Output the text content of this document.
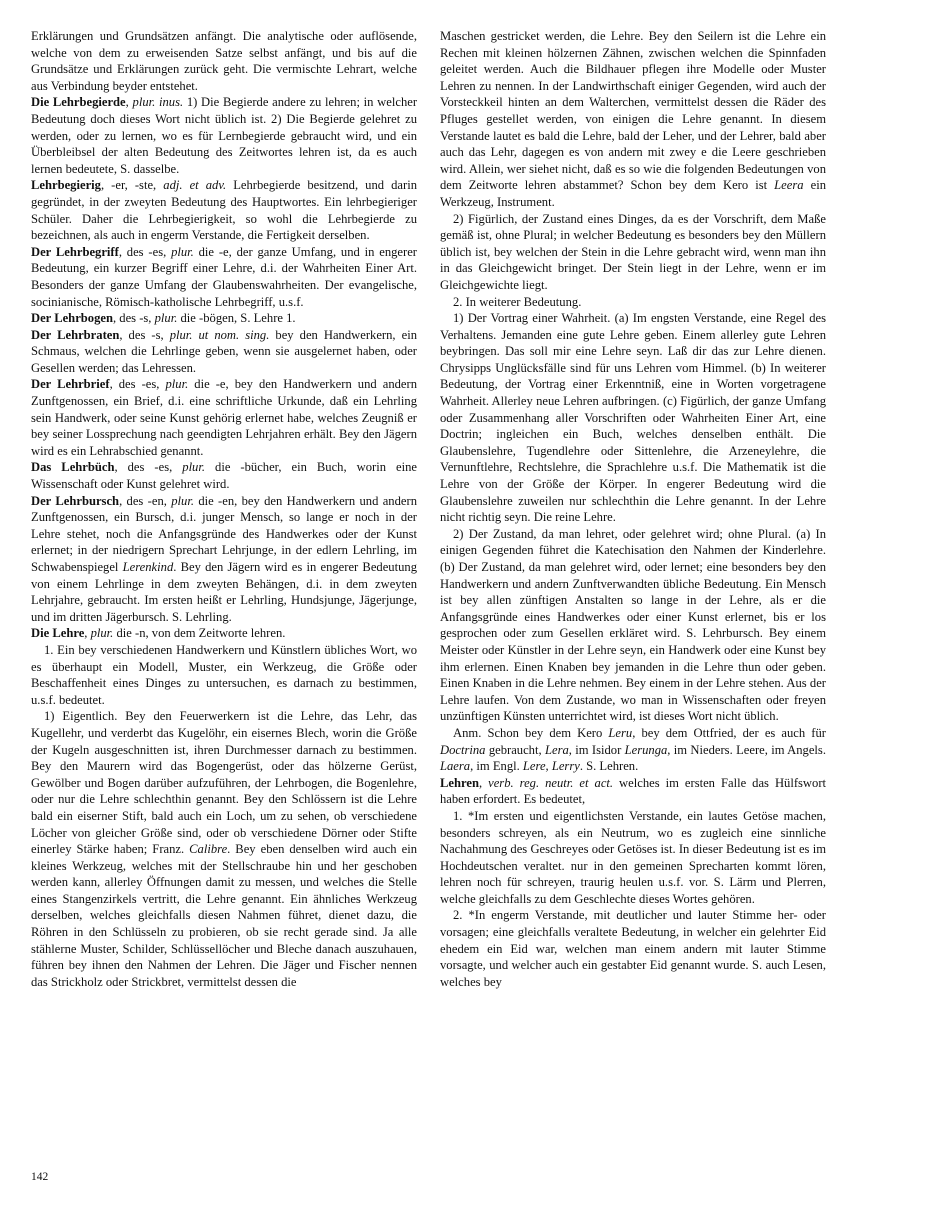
Erklärungen und Grundsätzen anfängt. Die analytische oder auflösende, welche von dem zu erweisenden Satze selbst anfängt, und bis auf die Grundsätze und Erklärungen zurück geht. Die vermischte Lehrart, welche aus Verbindung beyder entstehet.

Die Lehrbegierde, plur. inus. 1) Die Begierde andere zu lehren; in welcher Bedeutung doch dieses Wort nicht üblich ist. 2) Die Begierde gelehret zu werden, oder zu lernen, wo es für Lernbegierde gebraucht wird, und ein Überbleibsel der alten Bedeutung des Zeitwortes lehren ist, da es auch lernen bedeutete, S. dasselbe.

Lehrbegierig, -er, -ste, adj. et adv. Lehrbegierde besitzend, und darin gegründet, in der zweyten Bedeutung des Hauptwortes. Ein lehrbegieriger Schüler. Daher die Lehrbegierigkeit, so wohl die Lehrbegierde zu bezeichnen, als auch in engerm Verstande, die Fertigkeit derselben.

Der Lehrbegriff, des -es, plur. die -e, der ganze Umfang, und in engerer Bedeutung, ein kurzer Begriff einer Lehre, d.i. der Wahrheiten Einer Art. Besonders der ganze Umfang der Glaubenswahrheiten. Der evangelische, socinianische, Römisch-katholische Lehrbegriff, u.s.f.

Der Lehrbogen, des -s, plur. die -bögen, S. Lehre 1.

Der Lehrbraten, des -s, plur. ut nom. sing. bey den Handwerkern, ein Schmaus, welchen die Lehrlinge geben, wenn sie ausgelernet haben, oder Gesellen werden; das Lehressen.

Der Lehrbrief, des -es, plur. die -e, bey den Handwerkern und andern Zunftgenossen, ein Brief, d.i. eine schriftliche Urkunde, daß ein Lehrling sein Handwerk, oder seine Kunst gehörig erlernet habe, welches Zeugniß er bey seiner Lossprechung nach geendigten Lehrjahren erhält. Bey den Jägern wird es ein Lehrabschied genannt.

Das Lehrbüch, des -es, plur. die -bücher, ein Buch, worin eine Wissenschaft oder Kunst gelehret wird.

Der Lehrbursch, des -en, plur. die -en, bey den Handwerkern und andern Zunftgenossen, ein Bursch, d.i. junger Mensch, so lange er noch in der Lehre stehet, noch die Anfangsgründe des Handwerkes oder der Kunst erlernet; in der niedrigern Sprechart Lehrjunge, in der edlern Lehrling, im Schwabenspiegel Lerenkind. Bey den Jägern wird es in engerer Bedeutung von einem Lehrlinge in dem zweyten Behängen, d.i. in dem zweyten Lehrjahre, gebraucht. Im ersten heißt er Lehrling, Hundsjunge, Jägerjunge, und im dritten Jägerbursch. S. Lehrling.

Die Lehre, plur. die -n, von dem Zeitworte lehren.

1. Ein bey verschiedenen Handwerkern und Künstlern übliches Wort, wo es überhaupt ein Modell, Muster, ein Werkzeug, die Größe oder Beschaffenheit eines Dinges zu untersuchen, es darnach zu bestimmen, u.s.f. bedeutet.

1) Eigentlich. Bey den Feuerwerkern ist die Lehre, das Lehr, das Kugellehr, und verderbt das Kugelöhr, ein eisernes Blech, worin die Größe der Kugeln ausgeschnitten ist, ihren Durchmesser darnach zu bestimmen. Bey den Maurern wird das Bogengerüst, oder das hölzerne Gerüst, Gewölber und Bogen darüber aufzuführen, der Lehrbogen, die Bogenlehre, oder nur die Lehre schlechthin genannt. Bey den Schlössern ist die Lehre bald ein eiserner Stift, bald auch ein Loch, um zu sehen, ob verschiedene Löcher von gleicher Größe sind, oder ob verschiedene Dörner oder Stifte einerley Stärke haben; Franz. Calibre. Bey eben denselben wird auch ein kleines Werkzeug, welches mit der Stellschraube hin und her geschoben werden kann, allerley Öffnungen damit zu messen, und welches die Stelle eines Stangenzirkels vertritt, die Lehre genannt. Ein ähnliches Werkzeug derselben, welches gleichfalls diesen Nahmen führet, dienet dazu, die Röhren in den Schlüsseln zu probieren, ob sie recht gerade sind. Ja alle stählerne Muster, Schilder, Schlüssellöcher und Bleche danach auszuhauen, führen bey ihnen den Nahmen der Lehren. Die Jäger und Fischer nennen das Strickholz oder Strickbret, vermittelst dessen die

Maschen gestricket werden, die Lehre. Bey den Seilern ist die Lehre ein Rechen mit kleinen hölzernen Zähnen, zwischen welchen die Spinnfaden geleitet werden. Auch die Bildhauer pflegen ihre Modelle oder Muster Lehren zu nennen. In der Landwirthschaft einiger Gegenden, wird auch der Vorsteckkeil hinten an dem Walterchen, vermittelst dessen die Räder des Pfluges gestellet werden, von einigen die Lehre genannt. In diesem Verstande lautet es bald die Lehre, bald der Leher, und der Lehrer, bald aber auch das Lehr, dagegen es von andern mit zwey e die Leere geschrieben wird. Allein, wer siehet nicht, daß es so wie die folgenden Bedeutungen von dem Zeitworte lehren abstammet? Schon bey dem Kero ist Leera ein Werkzeug, Instrument.

2) Figürlich, der Zustand eines Dinges, da es der Vorschrift, dem Maße gemäß ist, ohne Plural; in welcher Bedeutung es besonders bey den Müllern üblich ist, bey welchen der Stein in die Lehre gebracht wird, wenn man ihn in das Gleichgewicht bringet. Der Stein liegt in der Lehre, wenn er im Gleichgewichte liegt.

2. In weiterer Bedeutung.

1) Der Vortrag einer Wahrheit. (a) Im engsten Verstande, eine Regel des Verhaltens. Jemanden eine gute Lehre geben. Einem allerley gute Lehren beybringen. Das soll mir eine Lehre seyn. Laß dir das zur Lehre dienen. Chrysipps Unglücksfälle sind für uns Lehren vom Himmel. (b) In weiterer Bedeutung, der Vortrag einer Erkenntniß, eine in Worten vorgetragene Wahrheit. Allerley neue Lehren aufbringen. (c) Figürlich, der ganze Umfang oder Zusammenhang aller Vorschriften oder Wahrheiten Einer Art, eine Doctrin; ingleichen ein Buch, welches denselben enthält. Die Glaubenslehre, Tugendlehre oder Sittenlehre, die Arzeneylehre, die Vernunftlehre, Rechtslehre, die Sprachlehre u.s.f. Die Mathematik ist die Lehre von der Größe der Körper. In engerer Bedeutung wird die Glaubenslehre zuweilen nur schlechthin die Lehre genannt. In der Lehre nicht richtig seyn. Die reine Lehre.

2) Der Zustand, da man lehret, oder gelehret wird; ohne Plural. (a) In einigen Gegenden führet die Katechisation den Nahmen der Kinderlehre. (b) Der Zustand, da man gelehret wird, oder lernet; eine besonders bey den Handwerkern und andern Zunftverwandten übliche Bedeutung. Ein Mensch ist bey allen zünftigen Anstalten so lange in der Lehre, als er die Anfangsgründe eines Handwerkes oder einer Kunst erlernet, bis er los gesprochen oder zum Gesellen erkläret wird. S. Lehrbursch. Bey einem Meister oder Künstler in der Lehre seyn, ein Handwerk oder eine Kunst bey ihm erlernen. Einen Knaben bey jemanden in die Lehre thun oder geben. Einen Knaben in die Lehre nehmen. Bey einem in der Lehre stehen. Aus der Lehre laufen. Von dem Zustande, wo man in Wissenschaften oder freyen unzünftigen Künsten unterrichtet wird, ist dieses Wort nicht üblich.

Anm. Schon bey dem Kero Leru, bey dem Ottfried, der es auch für Doctrina gebraucht, Lera, im Isidor Lerunga, im Nieders. Leere, im Angels. Laera, im Engl. Lere, Lerry. S. Lehren.

Lehren, verb. reg. neutr. et act. welches im ersten Falle das Hülfswort haben erfordert. Es bedeutet,

1. *Im ersten und eigentlichsten Verstande, ein lautes Getöse machen, besonders schreyen, als ein Neutrum, wo es zugleich eine sinnliche Nachahmung des Geschreyes oder Getöses ist. In dieser Bedeutung ist es im Hochdeutschen veraltet. nur in den gemeinen Sprecharten kommt lören, lehren noch für schreyen, traurig heulen u.s.f. vor. S. Lärm und Plerren, welche gleichfalls zu dem Geschlechte dieses Wortes gehören.

2. *In engerm Verstande, mit deutlicher und lauter Stimme her- oder vorsagen; eine gleichfalls veraltete Bedeutung, in welcher ein gelehrter Eid ehedem ein Eid war, welchen man einem andern mit lauter Stimme vorsagte, und welcher auch ein gestabter Eid genannt wurde. S. auch Lesen, welches bey

142
